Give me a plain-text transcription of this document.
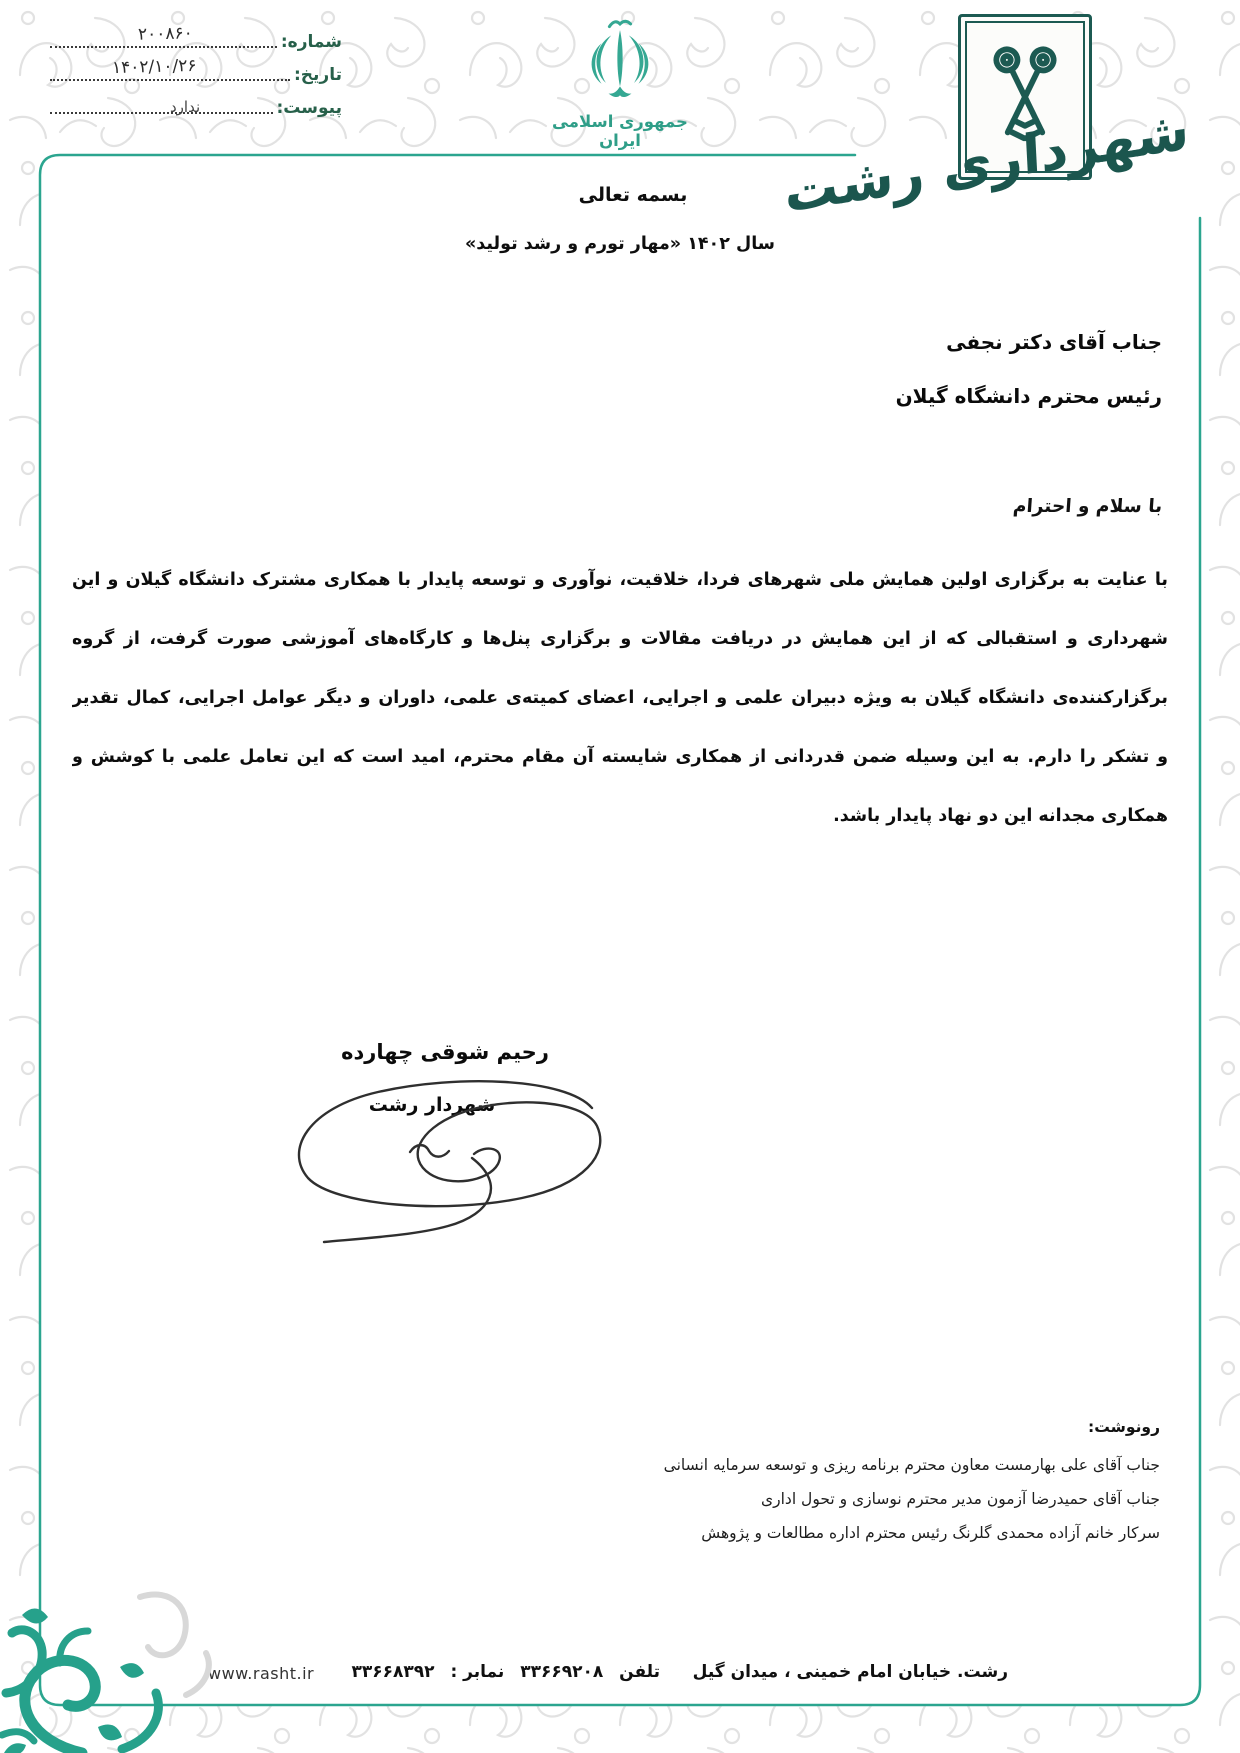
شماره:
۲۰۰۸۶۰
تاریخ:
۱۴۰۲/۱۰/۲۶
پیوست:
ندارد
جمهوری اسلامی ایران	شهرداری رشت
بسمه تعالی
سال ۱۴۰۲ «مهار تورم و رشد تولید»
جناب آقای دکتر نجفی
رئیس محترم دانشگاه گیلان
با سلام و احترام
با عنایت به برگزاری اولین همایش ملی شهرهای فردا، خلاقیت، نوآوری و توسعه پایدار با همکاری مشترک دانشگاه گیلان و این
شهرداری و استقبالی که از این همایش در دریافت مقالات و برگزاری پنل‌ها و کارگاه‌های آموزشی صورت گرفت، از گروه
برگزارکننده‌ی دانشگاه گیلان به ویژه دبیران علمی و اجرایی، اعضای کمیته‌ی علمی، داوران و دیگر عوامل اجرایی، کمال تقدیر
و تشکر را دارم. به این وسیله ضمن قدردانی از همکاری شایسته آن مقام محترم، امید است که این تعامل علمی با کوشش و
همکاری مجدانه این دو نهاد پایدار باشد.
رحیم شوقی چهارده
شهردار رشت
رونوشت:
جناب آقای علی بهارمست معاون محترم برنامه ریزی و توسعه سرمایه انسانی
جناب آقای حمیدرضا آزمون مدیر محترم نوسازی و تحول اداری
سرکار خانم آزاده محمدی گلرنگ رئیس محترم اداره مطالعات و پژوهش
رشت. خیابان امام خمینی ، میدان گیل
تلفن ۳۳۶۶۹۲۰۸ نمابر : ۳۳۶۶۸۳۹۲
www.rasht.ir
